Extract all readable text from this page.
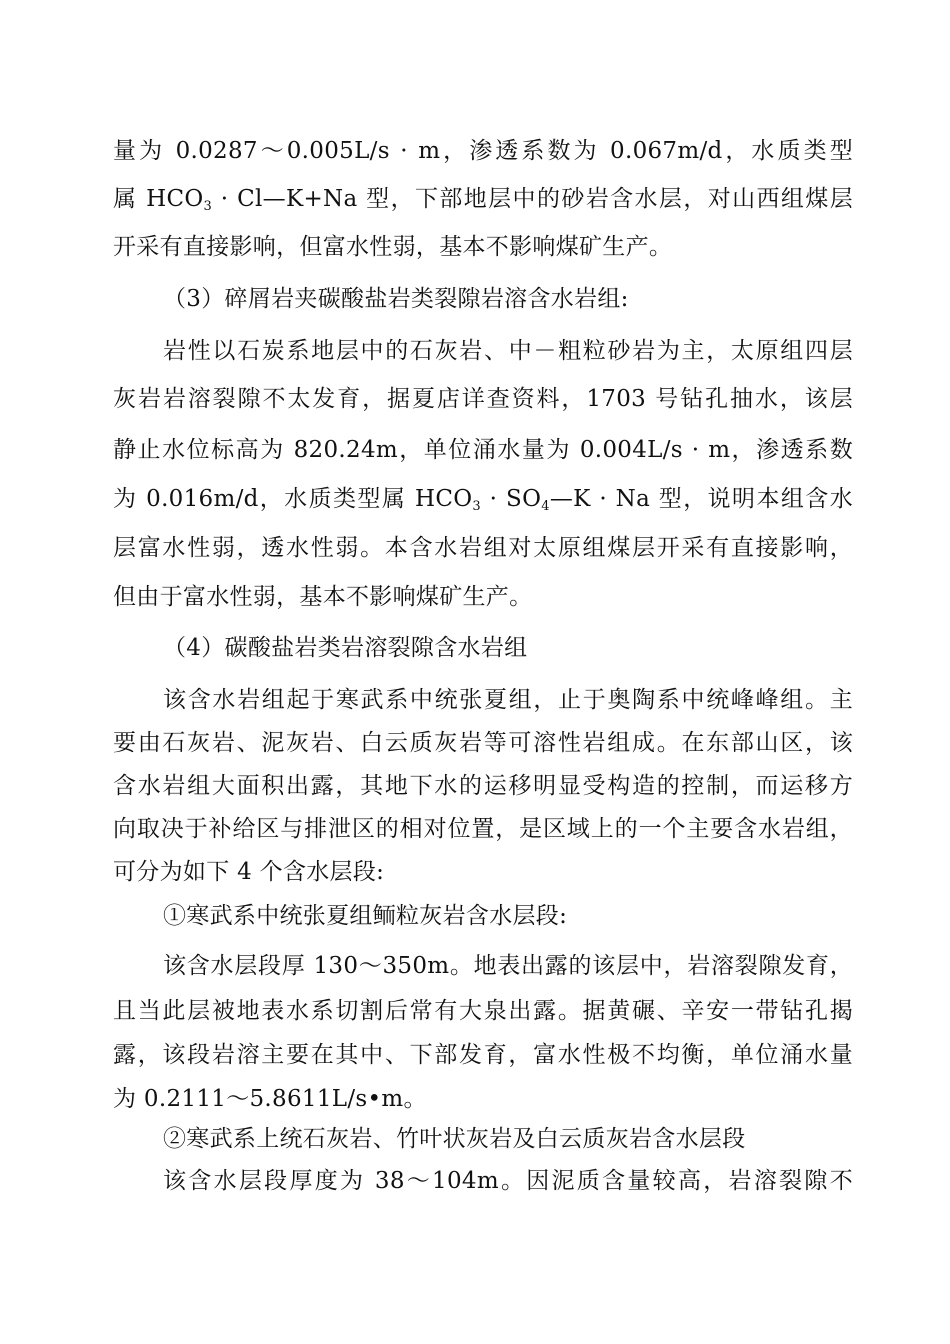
量为 0.0287～0.005L/s · m，渗透系数为 0.067m/d，水质类型

属 $HCO_3$ · Cl—K+Na 型，下部地层中的砂岩含水层，对山西组煤层

开采有直接影响，但富水性弱，基本不影响煤矿生产。

（3）碎屑岩夹碳酸盐岩类裂隙岩溶含水岩组:

岩性以石炭系地层中的石灰岩、中－粗粒砂岩为主，太原组四层

灰岩岩溶裂隙不太发育，据夏店详查资料，1703 号钻孔抽水，该层

静止水位标高为 820.24m，单位涌水量为 0.004L/s · m，渗透系数

为 0.016m/d，水质类型属 $HCO_3$ · $SO_4—K \cdot Na$ 型，说明本组含水

层富水性弱，透水性弱。本含水岩组对太原组煤层开采有直接影响，

但由于富水性弱，基本不影响煤矿生产。

（4）碳酸盐岩类岩溶裂隙含水岩组

该含水岩组起于寒武系中统张夏组，止于奥陶系中统峰峰组。主

要由石灰岩、泥灰岩、白云质灰岩等可溶性岩组成。在东部山区，该

含水岩组大面积出露，其地下水的运移明显受构造的控制，而运移方

向取决于补给区与排泄区的相对位置，是区域上的一个主要含水岩组，

可分为如下 4 个含水层段:

①寒武系中统张夏组鲕粒灰岩含水层段:

该含水层段厚 130～350m。地表出露的该层中，岩溶裂隙发育，

且当此层被地表水系切割后常有大泉出露。据黄碾、辛安一带钻孔揭

露，该段岩溶主要在其中、下部发育，富水性极不均衡，单位涌水量

为 0.2111～5.8611L/s•m。

②寒武系上统石灰岩、竹叶状灰岩及白云质灰岩含水层段

该含水层段厚度为 38～104m。因泥质含量较高，岩溶裂隙不
